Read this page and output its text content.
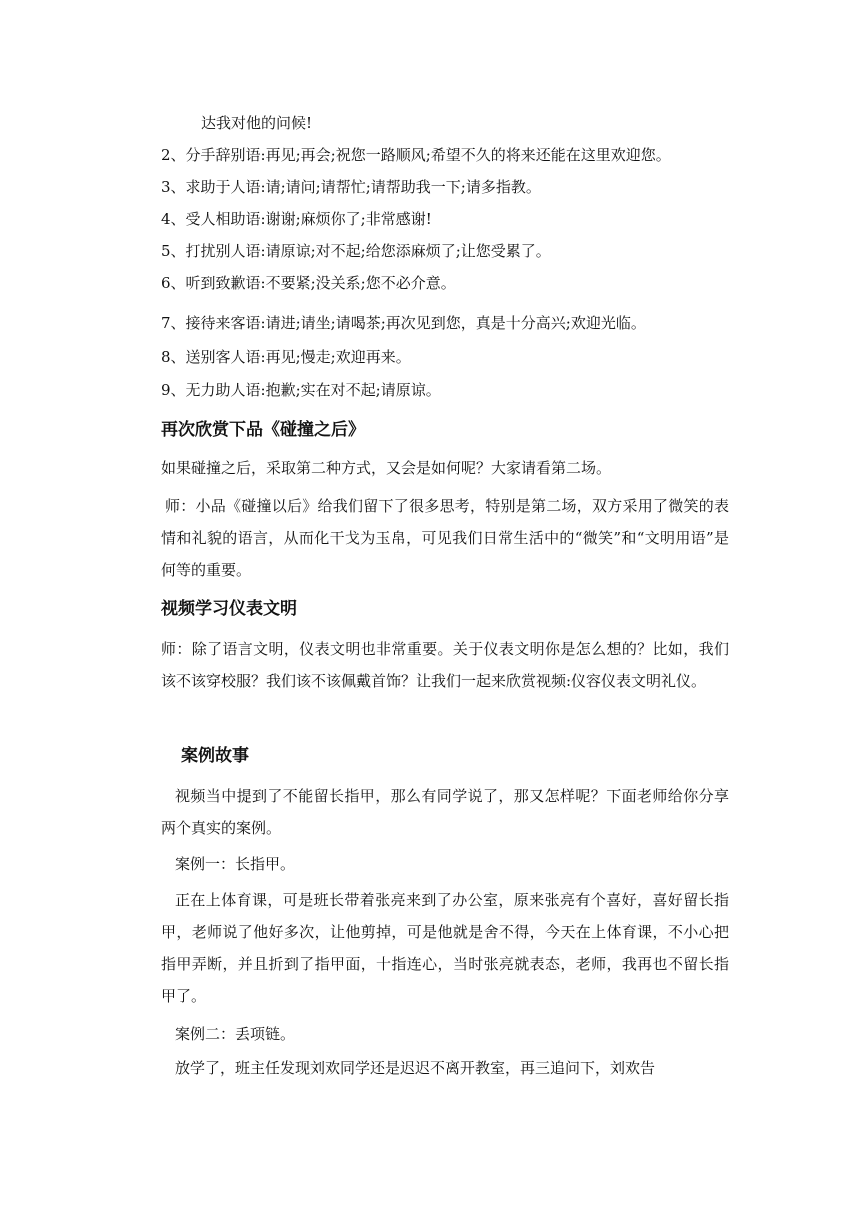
达我对他的问候!
2、分手辞别语:再见;再会;祝您一路顺风;希望不久的将来还能在这里欢迎您。
3、求助于人语:请;请问;请帮忙;请帮助我一下;请多指教。
4、受人相助语:谢谢;麻烦你了;非常感谢!
5、打扰别人语:请原谅;对不起;给您添麻烦了;让您受累了。
6、听到致歉语:不要紧;没关系;您不必介意。
7、接待来客语:请进;请坐;请喝茶;再次见到您，真是十分高兴;欢迎光临。
8、送别客人语:再见;慢走;欢迎再来。
9、无力助人语:抱歉;实在对不起;请原谅。
再次欣赏下品《碰撞之后》
如果碰撞之后，采取第二种方式，又会是如何呢？大家请看第二场。
师：小品《碰撞以后》给我们留下了很多思考，特别是第二场，双方采用了微笑的表情和礼貌的语言，从而化干戈为玉帛，可见我们日常生活中的“微笑”和“文明用语”是何等的重要。
视频学习仪表文明
师：除了语言文明，仪表文明也非常重要。关于仪表文明你是怎么想的？比如，我们该不该穿校服？我们该不该佩戴首饰？让我们一起来欣赏视频:仪容仪表文明礼仪。
案例故事
视频当中提到了不能留长指甲，那么有同学说了，那又怎样呢？下面老师给你分享两个真实的案例。
案例一：长指甲。
正在上体育课，可是班长带着张亮来到了办公室，原来张亮有个喜好，喜好留长指甲，老师说了他好多次，让他剪掉，可是他就是舍不得，今天在上体育课，不小心把指甲弄断，并且折到了指甲面，十指连心，当时张亮就表态，老师，我再也不留长指甲了。
案例二：丢项链。
放学了，班主任发现刘欢同学还是迟迟不离开教室，再三追问下，刘欢告
